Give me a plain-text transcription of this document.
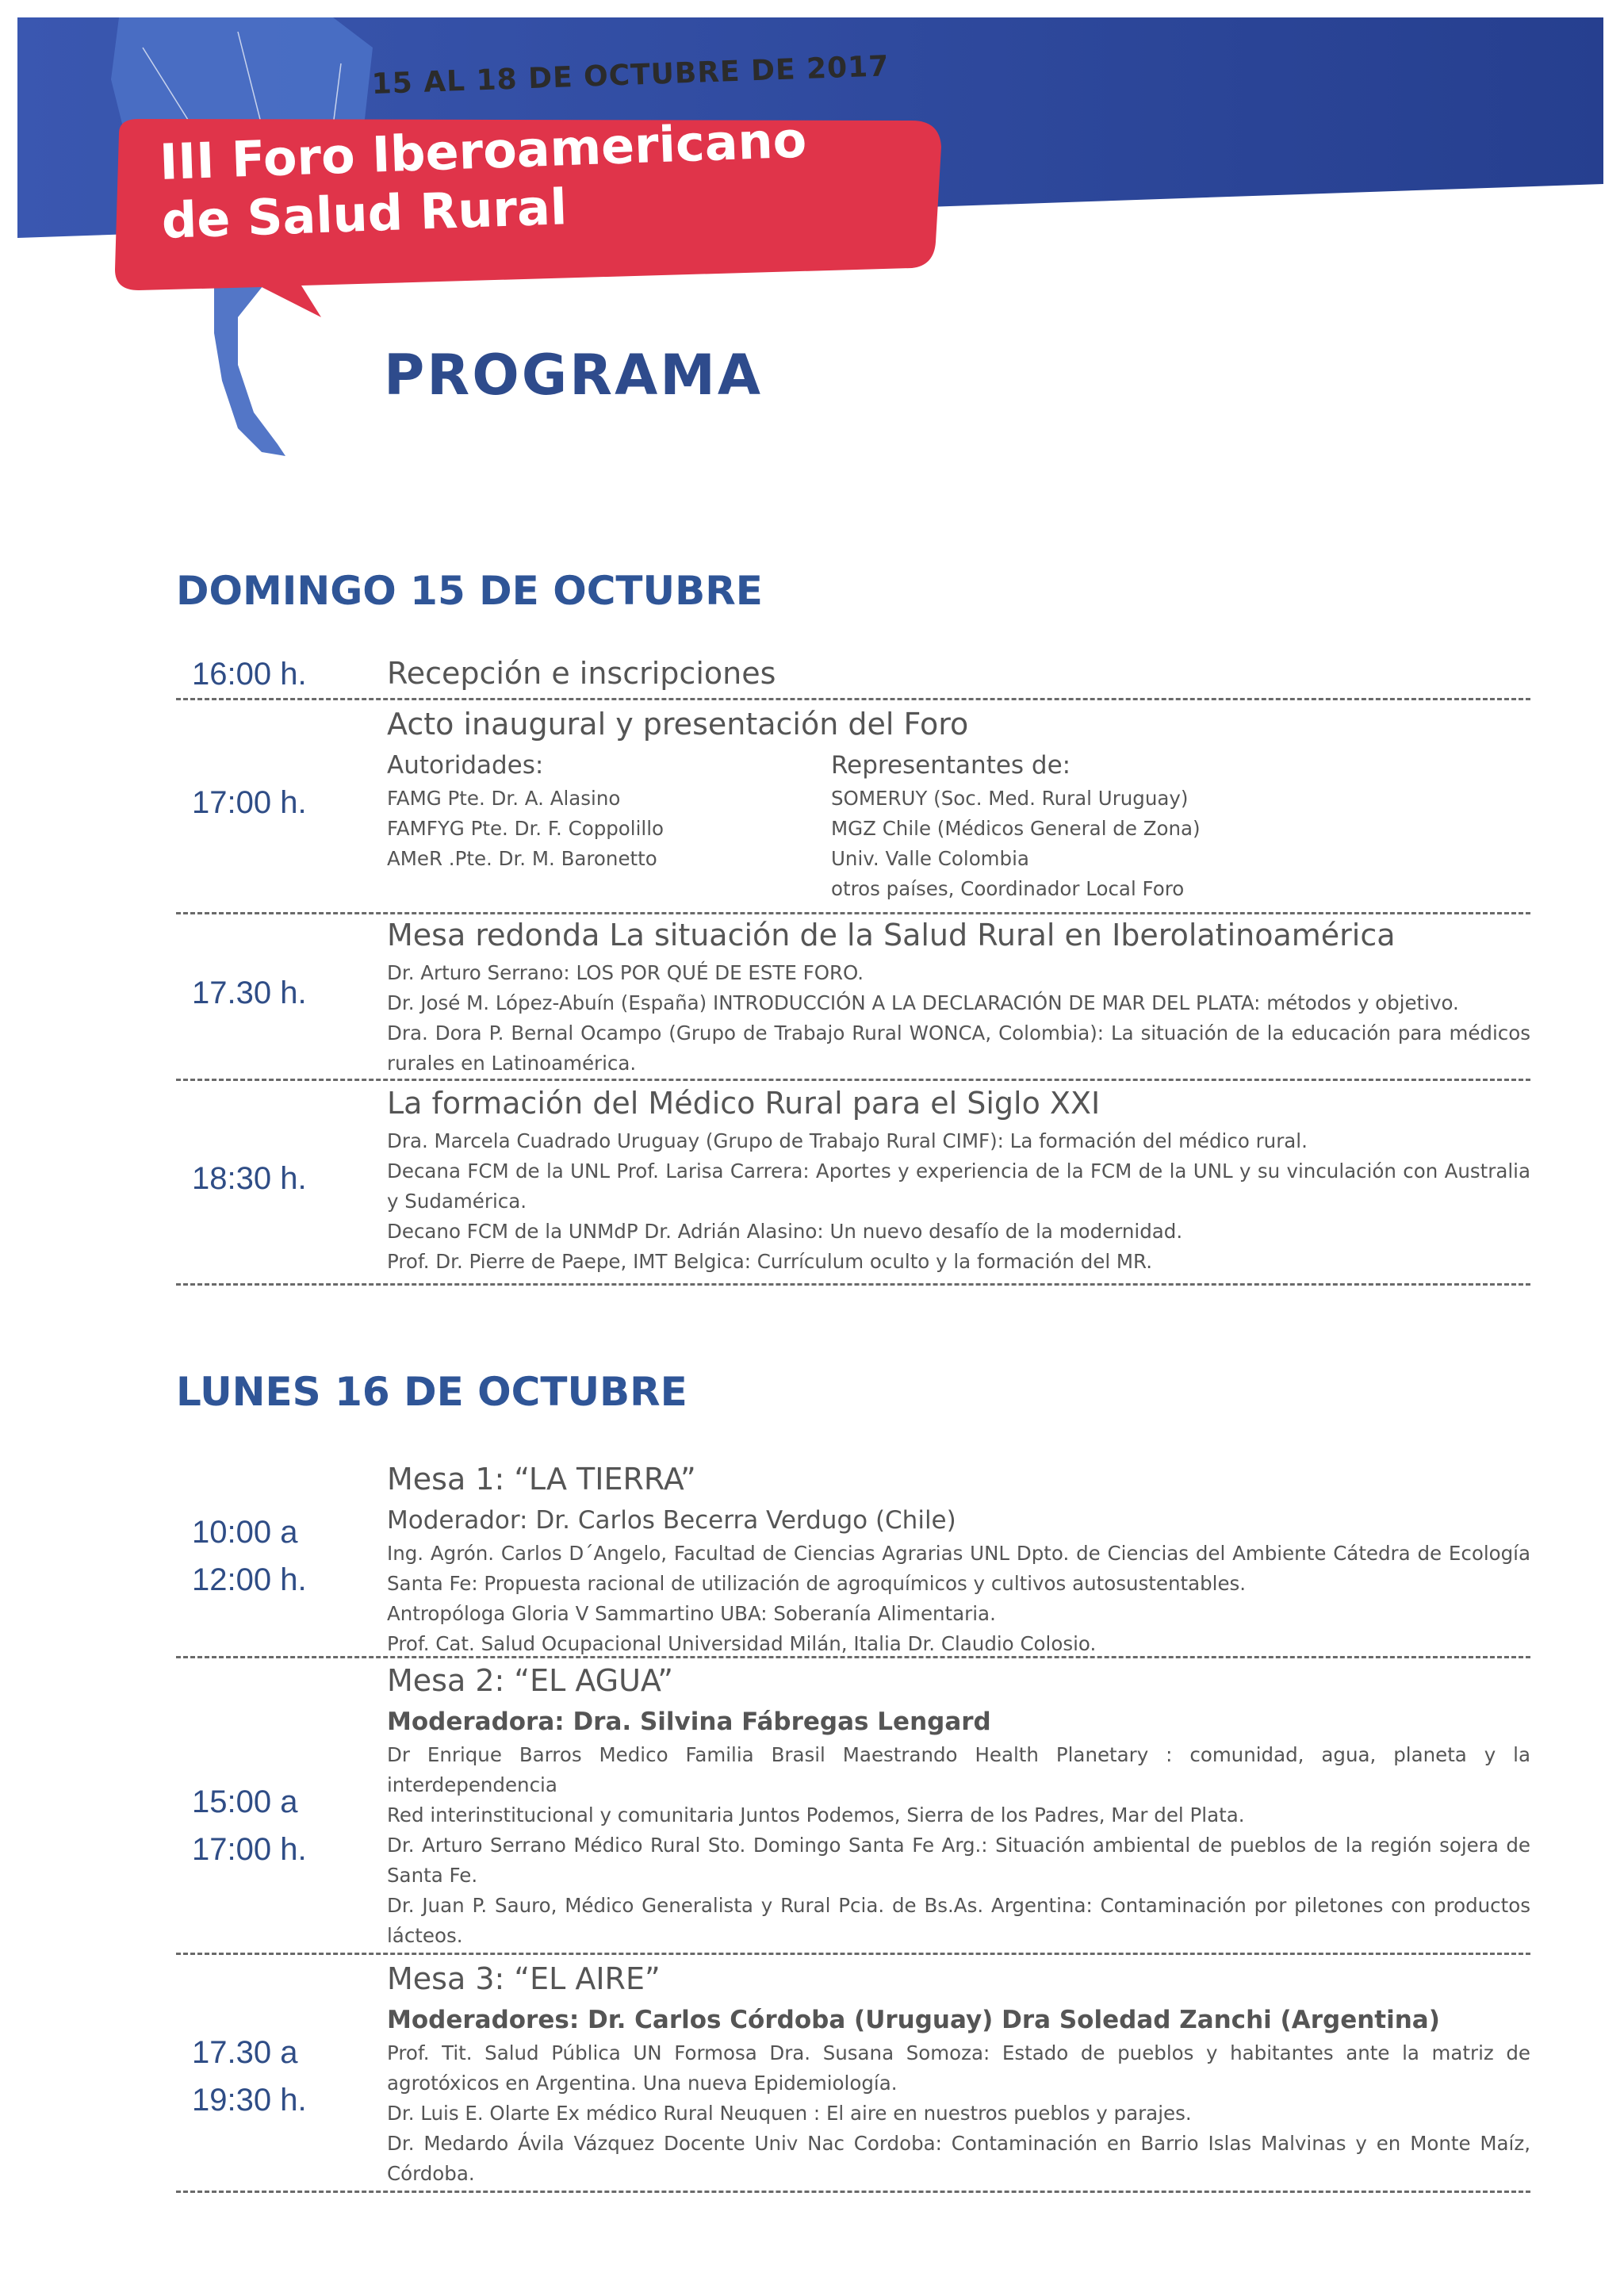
15 AL 18 DE OCTUBRE DE 2017
III Foro Iberoamericano
de Salud Rural
PROGRAMA
DOMINGO 15 DE OCTUBRE
16:00 h.	Recepción e inscripciones
17:00 h.
Acto inaugural y presentación del Foro
Autoridades:
FAMG Pte. Dr. A. Alasino
FAMFYG Pte. Dr. F. Coppolillo
AMeR .Pte. Dr. M. Baronetto
Representantes de:
SOMERUY (Soc. Med. Rural Uruguay)
MGZ Chile (Médicos General de Zona)
Univ. Valle Colombia
otros países, Coordinador Local Foro
17.30 h.
Mesa redonda La situación de la Salud Rural en Iberolatinoamérica
Dr. Arturo Serrano: LOS POR QUÉ DE ESTE FORO.
Dr. José M. López-Abuín (España) INTRODUCCIÓN A LA DECLARACIÓN DE MAR DEL PLATA: métodos y objetivo.
Dra. Dora P. Bernal Ocampo (Grupo de Trabajo Rural WONCA, Colombia): La situación de la educación para médicos rurales en Latinoamérica.
18:30 h.
La formación del Médico Rural para el Siglo XXI
Dra. Marcela Cuadrado Uruguay (Grupo de Trabajo Rural CIMF): La formación del médico rural.
Decana FCM de la UNL Prof. Larisa Carrera: Aportes y experiencia de la FCM de la UNL y su vinculación con Australia y Sudamérica.
Decano FCM de la UNMdP Dr. Adrián Alasino: Un nuevo desafío de la modernidad.
Prof. Dr. Pierre de Paepe, IMT Belgica: Currículum oculto y la formación del MR.
LUNES 16 DE OCTUBRE
10:00 a
12:00 h.
Mesa 1: “LA TIERRA”
Moderador: Dr. Carlos Becerra Verdugo (Chile)
Ing. Agrón. Carlos D´Angelo, Facultad de Ciencias Agrarias UNL Dpto. de Ciencias del Ambiente Cátedra de Ecología Santa Fe: Propuesta racional de utilización de agroquímicos y cultivos autosustentables.
Antropóloga Gloria V Sammartino UBA: Soberanía Alimentaria.
Prof. Cat. Salud Ocupacional Universidad Milán, Italia Dr. Claudio Colosio.
15:00 a
17:00 h.
Mesa 2: “EL AGUA”
Moderadora: Dra. Silvina Fábregas Lengard
Dr Enrique Barros Medico Familia Brasil Maestrando Health Planetary : comunidad, agua, planeta y la interdependencia
Red interinstitucional y comunitaria Juntos Podemos, Sierra de los Padres, Mar del Plata.
Dr. Arturo Serrano Médico Rural Sto. Domingo Santa Fe Arg.: Situación ambiental de pueblos de la región sojera de Santa Fe.
Dr. Juan P. Sauro, Médico Generalista y Rural Pcia. de Bs.As. Argentina: Contaminación por piletones con productos lácteos.
17.30 a
19:30 h.
Mesa 3: “EL AIRE”
Moderadores: Dr. Carlos Córdoba (Uruguay) Dra Soledad Zanchi (Argentina)
Prof. Tit. Salud Pública UN Formosa Dra. Susana Somoza: Estado de pueblos y habitantes ante la matriz de agrotóxicos en Argentina. Una nueva Epidemiología.
Dr. Luis E. Olarte Ex médico Rural Neuquen : El aire en nuestros pueblos y parajes.
Dr. Medardo Ávila Vázquez Docente Univ Nac Cordoba: Contaminación en Barrio Islas Malvinas y en Monte Maíz, Córdoba.
